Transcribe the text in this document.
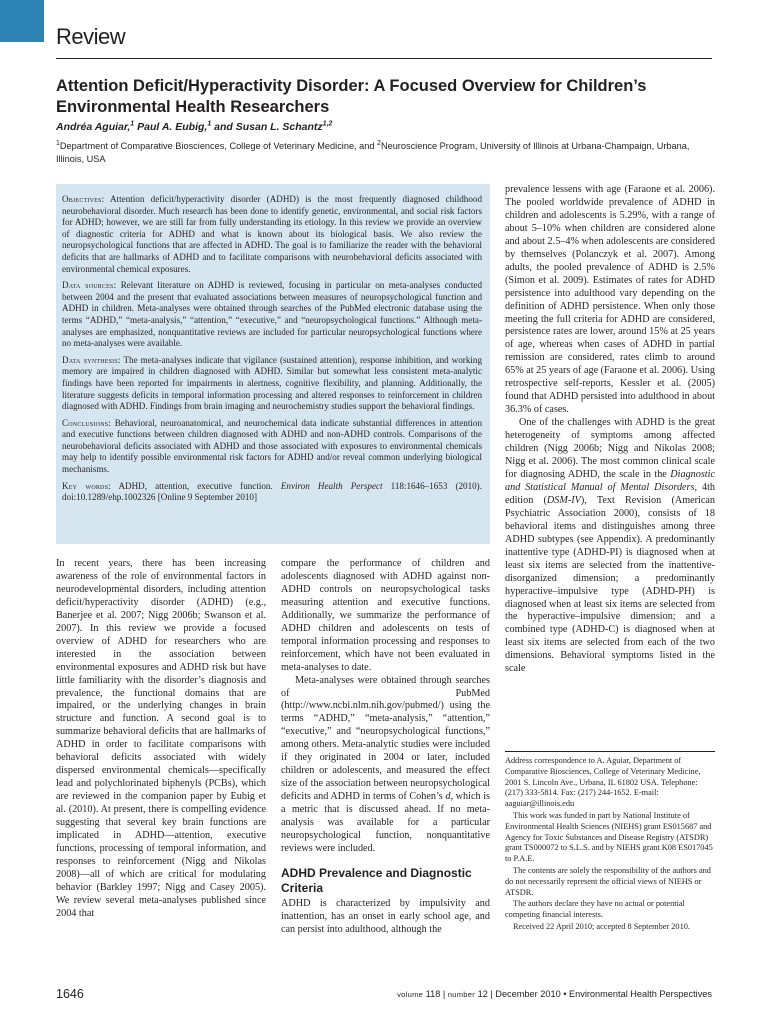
Review
Attention Deficit/Hyperactivity Disorder: A Focused Overview for Children’s Environmental Health Researchers
Andréa Aguiar,$^1$ Paul A. Eubig,$^1$ and Susan L. Schantz$^{1,2}$
$^1$Department of Comparative Biosciences, College of Veterinary Medicine, and $^2$Neuroscience Program, University of Illinois at Urbana-Champaign, Urbana, Illinois, USA

Objectives: Attention deficit/hyperactivity disorder (ADHD) is the most frequently diagnosed childhood neurobehavioral disorder. Much research has been done to identify genetic, environmental, and social risk factors for ADHD; however, we are still far from fully understanding its etiology. In this review we provide an overview of diagnostic criteria for ADHD and what is known about its biological basis. We also review the neuropsychological functions that are affected in ADHD. The goal is to familiarize the reader with the behavioral deficits that are hallmarks of ADHD and to facilitate comparisons with neurobehavioral deficits associated with environmental chemical exposures.

Data sources: Relevant literature on ADHD is reviewed, focusing in particular on meta-analyses conducted between 2004 and the present that evaluated associations between measures of neuropsychological function and ADHD in children. Meta-analyses were obtained through searches of the PubMed electronic database using the terms “ADHD,” “meta-analysis,” “attention,” “executive,” and “neuropsychological functions.” Although meta-analyses are emphasized, nonquantitative reviews are included for particular neuropsychological functions where no meta-analyses were available.

Data synthesis: The meta-analyses indicate that vigilance (sustained attention), response inhibition, and working memory are impaired in children diagnosed with ADHD. Similar but somewhat less consistent meta-analytic findings have been reported for impairments in alertness, cognitive flexibility, and planning. Additionally, the literature suggests deficits in temporal information processing and altered responses to reinforcement in children diagnosed with ADHD. Findings from brain imaging and neurochemistry studies support the behavioral findings.

Conclusions: Behavioral, neuroanatomical, and neurochemical data indicate substantial differences in attention and executive functions between children diagnosed with ADHD and non-ADHD controls. Comparisons of the neurobehavioral deficits associated with ADHD and those associated with exposures to environmental chemicals may help to identify possible environmental risk factors for ADHD and/or reveal common underlying biological mechanisms.

Key words: ADHD, attention, executive function. Environ Health Perspect 118:1646–1653 (2010). doi:10.1289/ehp.1002326 [Online 9 September 2010]

In recent years, there has been increasing awareness of the role of environmental factors in neurodevelopmental disorders, including attention deficit/hyperactivity disorder (ADHD) (e.g., Banerjee et al. 2007; Nigg 2006b; Swanson et al. 2007). In this review we provide a focused overview of ADHD for researchers who are interested in the association between environmental exposures and ADHD risk but have little familiarity with the disorder’s diagnosis and prevalence, the functional domains that are impaired, or the underlying changes in brain structure and function. A second goal is to summarize behavioral deficits that are hallmarks of ADHD in order to facilitate comparisons with behavioral deficits associated with widely dispersed environmental chemicals—specifically lead and polychlorinated biphenyls (PCBs), which are reviewed in the companion paper by Eubig et al. (2010). At present, there is compelling evidence suggesting that several key brain functions are implicated in ADHD—attention, executive functions, processing of temporal information, and responses to reinforcement (Nigg and Nikolas 2008)—all of which are critical for modulating behavior (Barkley 1997; Nigg and Casey 2005). We review several meta-analyses published since 2004 that

compare the performance of children and adolescents diagnosed with ADHD against non-ADHD controls on neuropsychological tasks measuring attention and executive functions. Additionally, we summarize the performance of ADHD children and adolescents on tests of temporal information processing and responses to reinforcement, which have not been evaluated in meta-analyses to date.

Meta-analyses were obtained through searches of PubMed (http://www.ncbi.nlm.nih.gov/pubmed/) using the terms “ADHD,” “meta-analysis,” “attention,” “executive,” and “neuropsychological functions,” among others. Meta-analytic studies were included if they originated in 2004 or later, included children or adolescents, and measured the effect size of the association between neuropsychological deficits and ADHD in terms of Cohen’s d, which is a metric that is discussed ahead. If no meta-analysis was available for a particular neuropsychological function, nonquantitative reviews were included.

ADHD Prevalence and Diagnostic Criteria

ADHD is characterized by impulsivity and inattention, has an onset in early school age, and can persist into adulthood, although the

prevalence lessens with age (Faraone et al. 2006). The pooled worldwide prevalence of ADHD in children and adolescents is 5.29%, with a range of about 5–10% when children are considered alone and about 2.5–4% when adolescents are considered by themselves (Polanczyk et al. 2007). Among adults, the pooled prevalence of ADHD is 2.5% (Simon et al. 2009). Estimates of rates for ADHD persistence into adulthood vary depending on the definition of ADHD persistence. When only those meeting the full criteria for ADHD are considered, persistence rates are lower, around 15% at 25 years of age, whereas when cases of ADHD in partial remission are considered, rates climb to around 65% at 25 years of age (Faraone et al. 2006). Using retrospective self-reports, Kessler et al. (2005) found that ADHD persisted into adulthood in about 36.3% of cases.

One of the challenges with ADHD is the great heterogeneity of symptoms among affected children (Nigg 2006b; Nigg and Nikolas 2008; Nigg et al. 2006). The most common clinical scale for diagnosing ADHD, the scale in the Diagnostic and Statistical Manual of Mental Disorders, 4th edition (DSM-IV), Text Revision (American Psychiatric Association 2000), consists of 18 behavioral items and distinguishes among three ADHD subtypes (see Appendix). A predominantly inattentive type (ADHD-PI) is diagnosed when at least six items are selected from the inattentive-disorganized dimension; a predominantly hyperactive–impulsive type (ADHD-PH) is diagnosed when at least six items are selected from the hyperactive–impulsive dimension; and a combined type (ADHD-C) is diagnosed when at least six items are selected from each of the two dimensions. Behavioral symptoms listed in the scale

Address correspondence to A. Aguiar, Department of Comparative Biosciences, College of Veterinary Medicine, 2001 S. Lincoln Ave., Urbana, IL 61802 USA. Telephone: (217) 333-5814. Fax: (217) 244-1652. E-mail: aaguiar@illinois.edu

This work was funded in part by National Institute of Environmental Health Sciences (NIEHS) grant ES015687 and Agency for Toxic Substances and Disease Registry (ATSDR) grant TS000072 to S.L.S. and by NIEHS grant K08 ES017045 to P.A.E.

The contents are solely the responsibility of the authors and do not necessarily represent the official views of NIEHS or ATSDR.

The authors declare they have no actual or potential competing financial interests.

Received 22 April 2010; accepted 8 September 2010.

1646	volume 118 | number 12 | December 2010 • Environmental Health Perspectives
